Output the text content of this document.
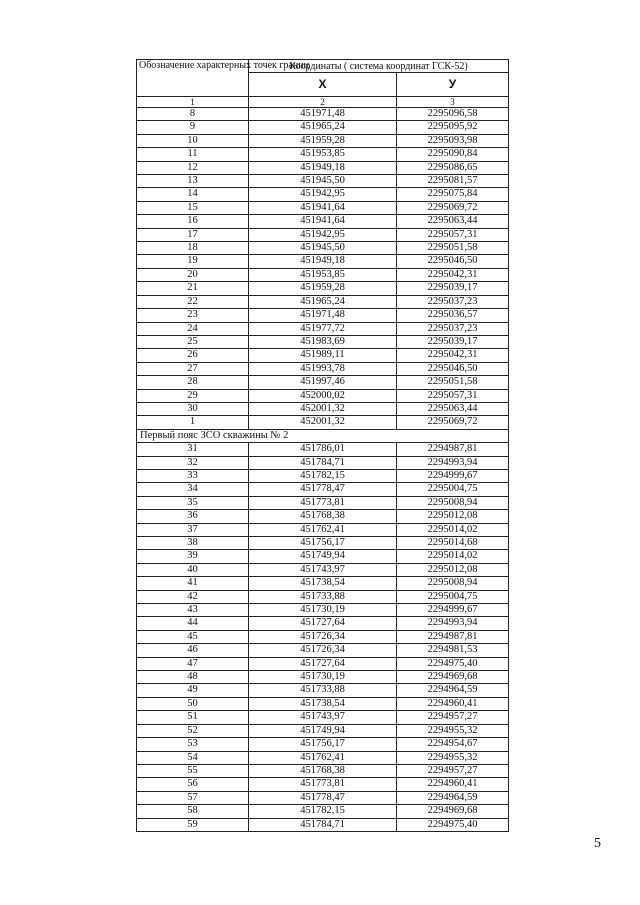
Обозначение характерных точек границ	Координаты ( система координат ГСК-52)	
	X	У
1	2	3
8	451971,48	2295096,58
9	451965,24	2295095,92
10	451959,28	2295093,98
11	451953,85	2295090,84
12	451949,18	2295086,65
13	451945,50	2295081,57
14	451942,95	2295075,84
15	451941,64	2295069,72
16	451941,64	2295063,44
17	451942,95	2295057,31
18	451945,50	2295051,58
19	451949,18	2295046,50
20	451953,85	2295042,31
21	451959,28	2295039,17
22	451965,24	2295037,23
23	451971,48	2295036,57
24	451977,72	2295037,23
25	451983,69	2295039,17
26	451989,11	2295042,31
27	451993,78	2295046,50
28	451997,46	2295051,58
29	452000,02	2295057,31
30	452001,32	2295063,44
1	452001,32	2295069,72
Первый пояс ЗСО скважины № 2		
31	451786,01	2294987,81
32	451784,71	2294993,94
33	451782,15	2294999,67
34	451778,47	2295004,75
35	451773,81	2295008,94
36	451768,38	2295012,08
37	451762,41	2295014,02
38	451756,17	2295014,68
39	451749,94	2295014,02
40	451743,97	2295012,08
41	451738,54	2295008,94
42	451733,88	2295004,75
43	451730,19	2294999,67
44	451727,64	2294993,94
45	451726,34	2294987,81
46	451726,34	2294981,53
47	451727,64	2294975,40
48	451730,19	2294969,68
49	451733,88	2294964,59
50	451738,54	2294960,41
51	451743,97	2294957,27
52	451749,94	2294955,32
53	451756,17	2294954,67
54	451762,41	2294955,32
55	451768,38	2294957,27
56	451773,81	2294960,41
57	451778,47	2294964,59
58	451782,15	2294969,68
59	451784,71	2294975,40
5
